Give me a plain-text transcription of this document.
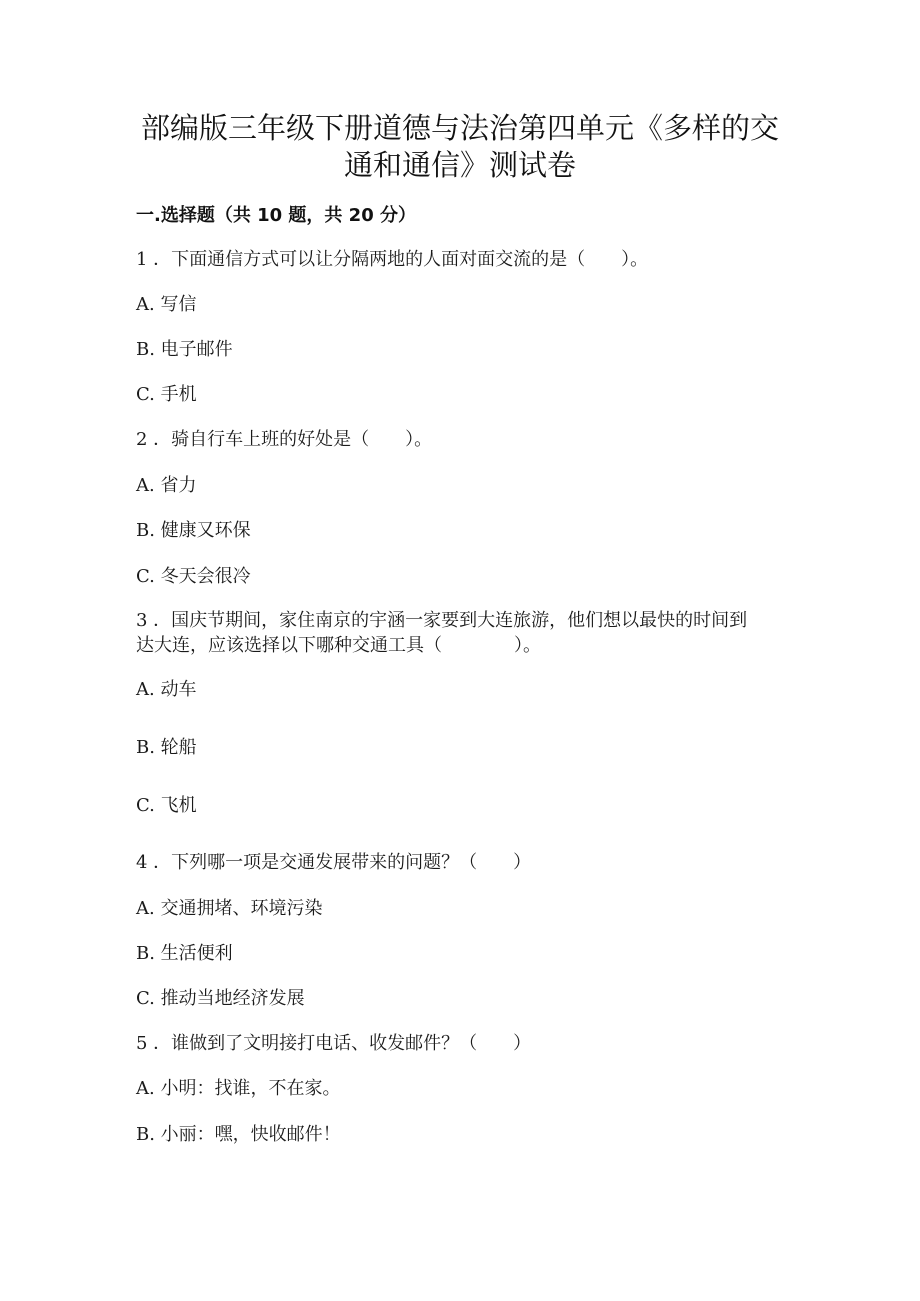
部编版三年级下册道德与法治第四单元《多样的交
通和通信》测试卷
一.选择题（共 10 题，共 20 分）
1 ．下面通信方式可以让分隔两地的人面对面交流的是（　　）。
A. 写信
B. 电子邮件
C. 手机
2 ．骑自行车上班的好处是（　　）。
A. 省力
B. 健康又环保
C. 冬天会很冷
3 ．国庆节期间，家住南京的宇涵一家要到大连旅游，他们想以最快的时间到
达大连，应该选择以下哪种交通工具（　　　　）。
A. 动车
B. 轮船
C. 飞机
4 ．下列哪一项是交通发展带来的问题？（　　）
A. 交通拥堵、环境污染
B. 生活便利
C. 推动当地经济发展
5 ．谁做到了文明接打电话、收发邮件？（　　）
A. 小明：找谁，不在家。
B. 小丽：嘿，快收邮件！
